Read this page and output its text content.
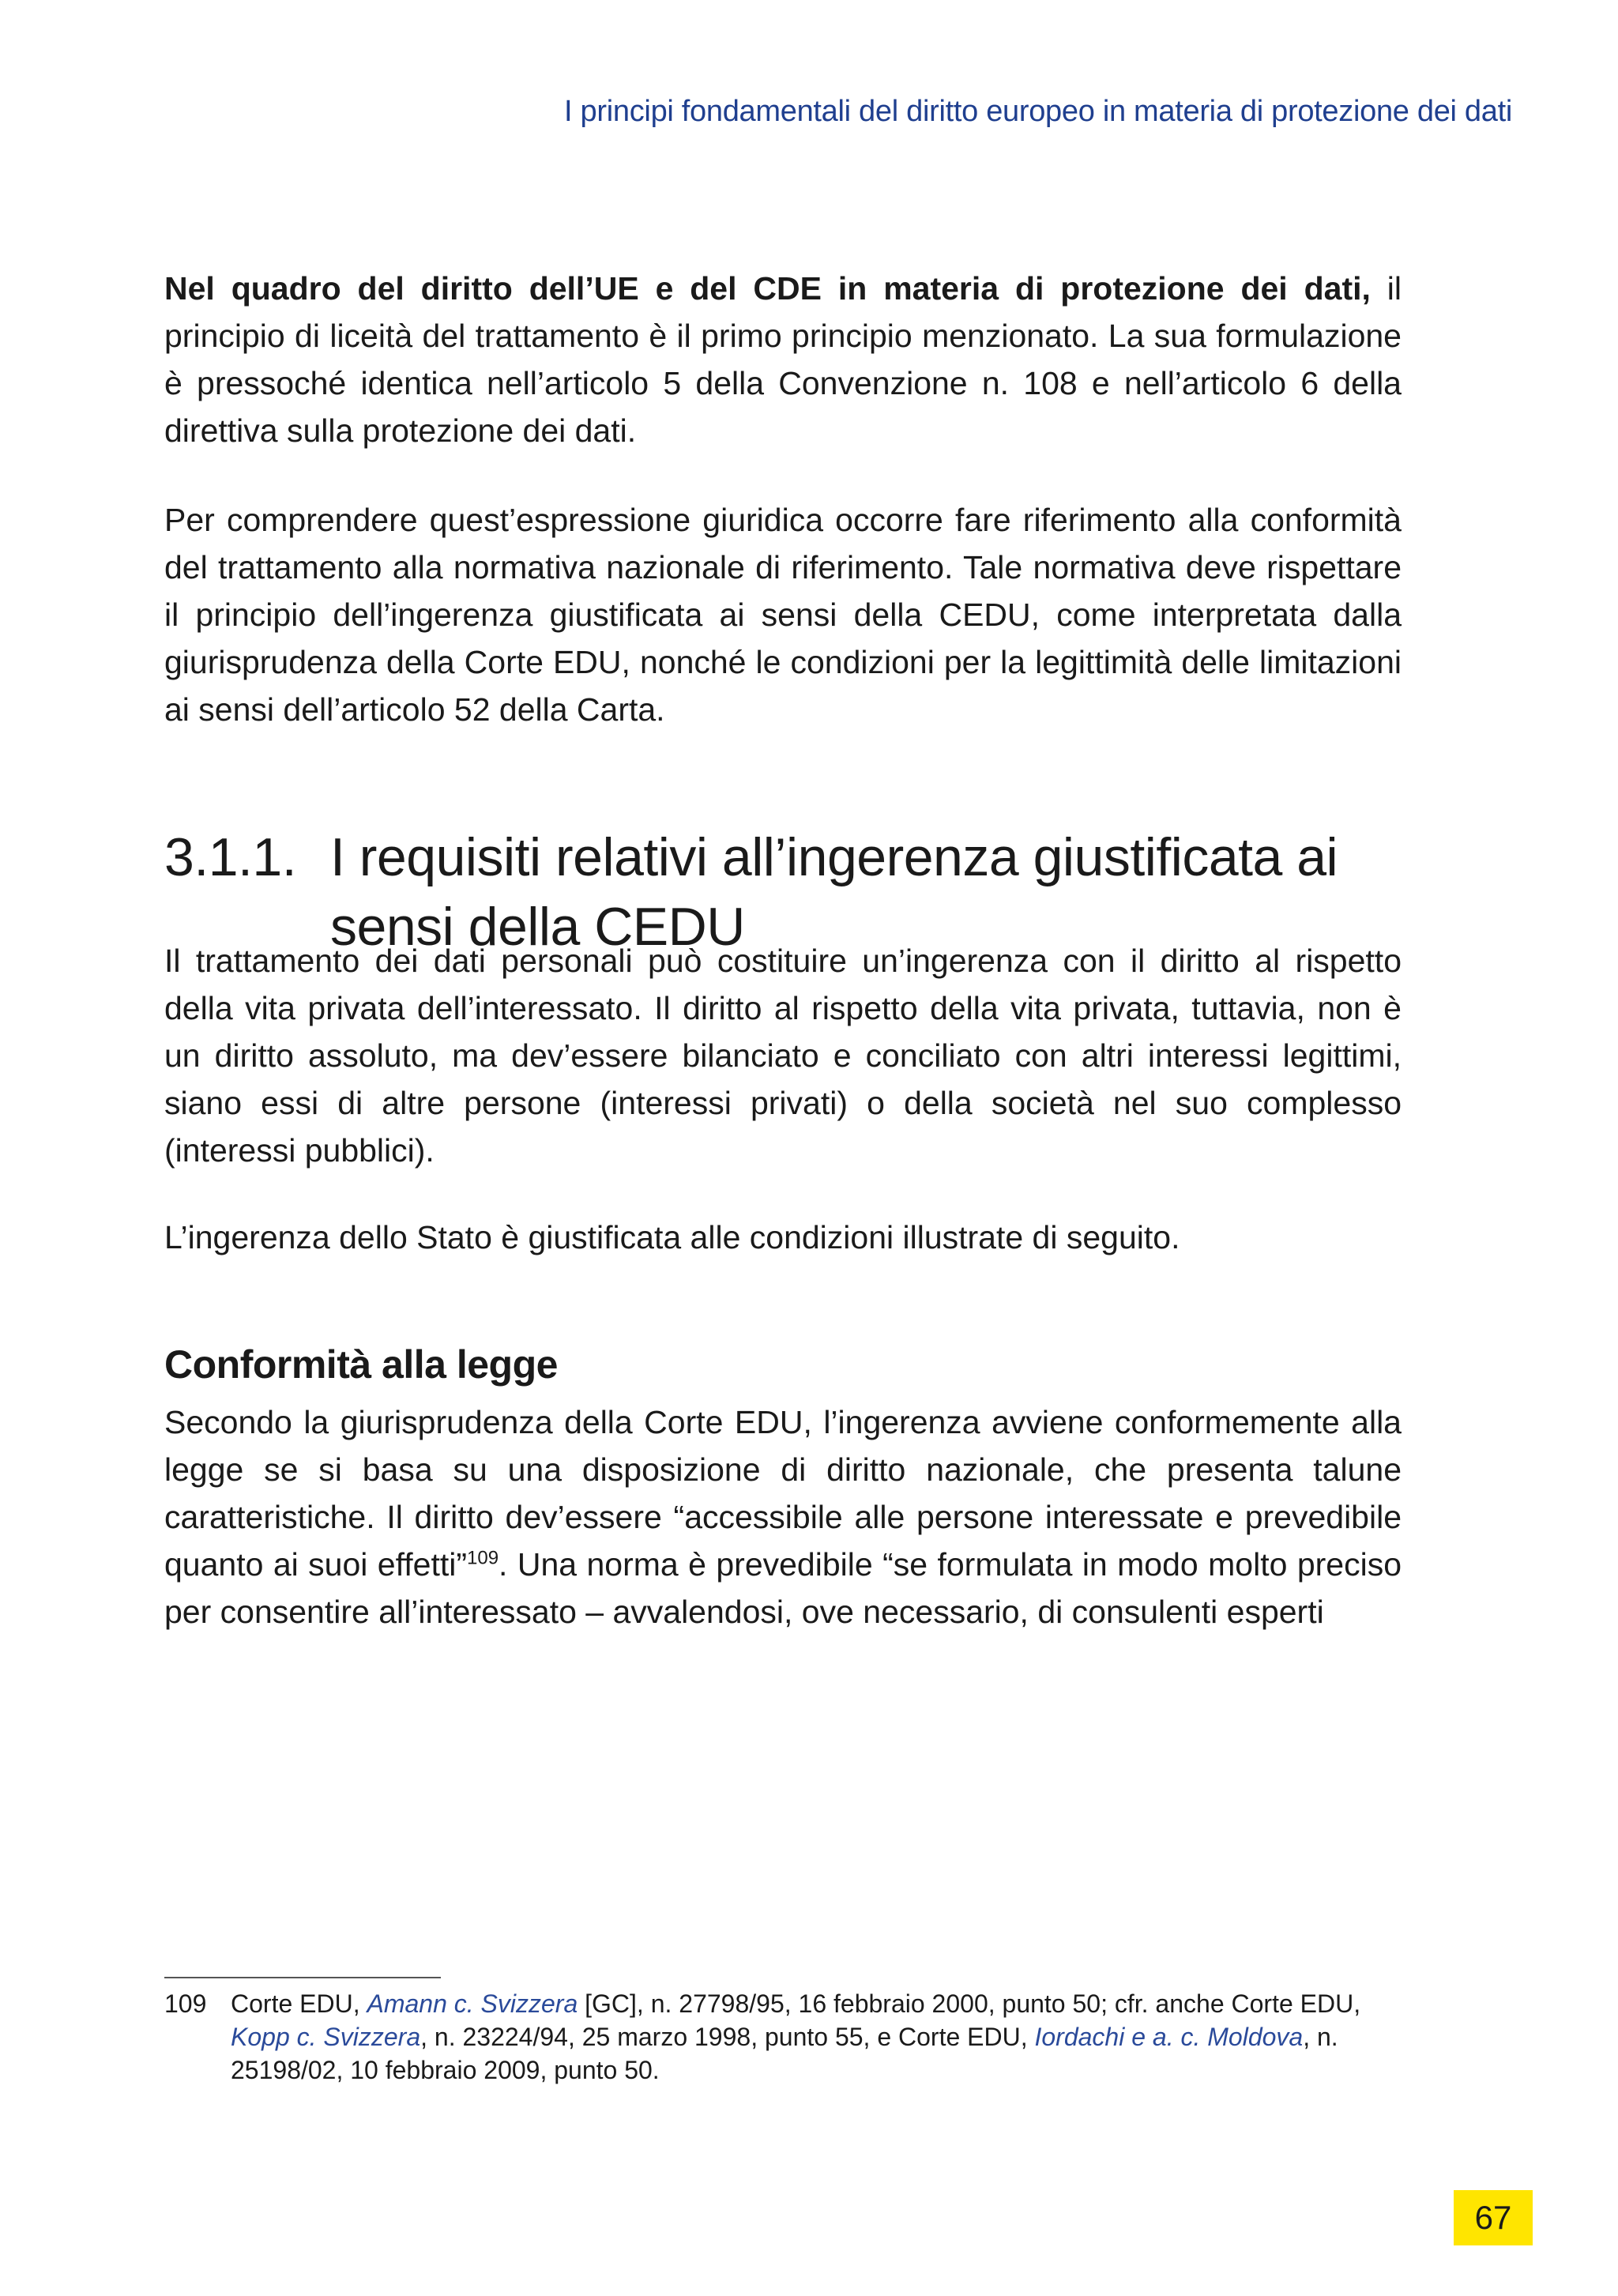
I principi fondamentali del diritto europeo in materia di protezione dei dati

Nel quadro del diritto dell’UE e del CDE in materia di protezione dei dati, il principio di liceità del trattamento è il primo principio menzionato. La sua formulazione è pressoché identica nell’articolo 5 della Convenzione n. 108 e nell’articolo 6 della direttiva sulla protezione dei dati.

Per comprendere quest’espressione giuridica occorre fare riferimento alla conformità del trattamento alla normativa nazionale di riferimento. Tale normativa deve rispettare il principio dell’ingerenza giustificata ai sensi della CEDU, come interpretata dalla giurisprudenza della Corte EDU, nonché le condizioni per la legittimità delle limitazioni ai sensi dell’articolo 52 della Carta.

3.1.1. I requisiti relativi all’ingerenza giustificata ai sensi della CEDU

Il trattamento dei dati personali può costituire un’ingerenza con il diritto al rispetto della vita privata dell’interessato. Il diritto al rispetto della vita privata, tuttavia, non è un diritto assoluto, ma dev’essere bilanciato e conciliato con altri interessi legittimi, siano essi di altre persone (interessi privati) o della società nel suo complesso (interessi pubblici).

L’ingerenza dello Stato è giustificata alle condizioni illustrate di seguito.

Conformità alla legge

Secondo la giurisprudenza della Corte EDU, l’ingerenza avviene conformemente alla legge se si basa su una disposizione di diritto nazionale, che presenta talune caratteristiche. Il diritto dev’essere “accessibile alle persone interessate e prevedibile quanto ai suoi effetti”$^{109}$. Una norma è prevedibile “se formulata in modo molto preciso per consentire all’interessato – avvalendosi, ove necessario, di consulenti esperti

109 Corte EDU, Amann c. Svizzera [GC], n. 27798/95, 16 febbraio 2000, punto 50; cfr. anche Corte EDU, Kopp c. Svizzera, n. 23224/94, 25 marzo 1998, punto 55, e Corte EDU, Iordachi e a. c. Moldova, n. 25198/02, 10 febbraio 2009, punto 50.
67
